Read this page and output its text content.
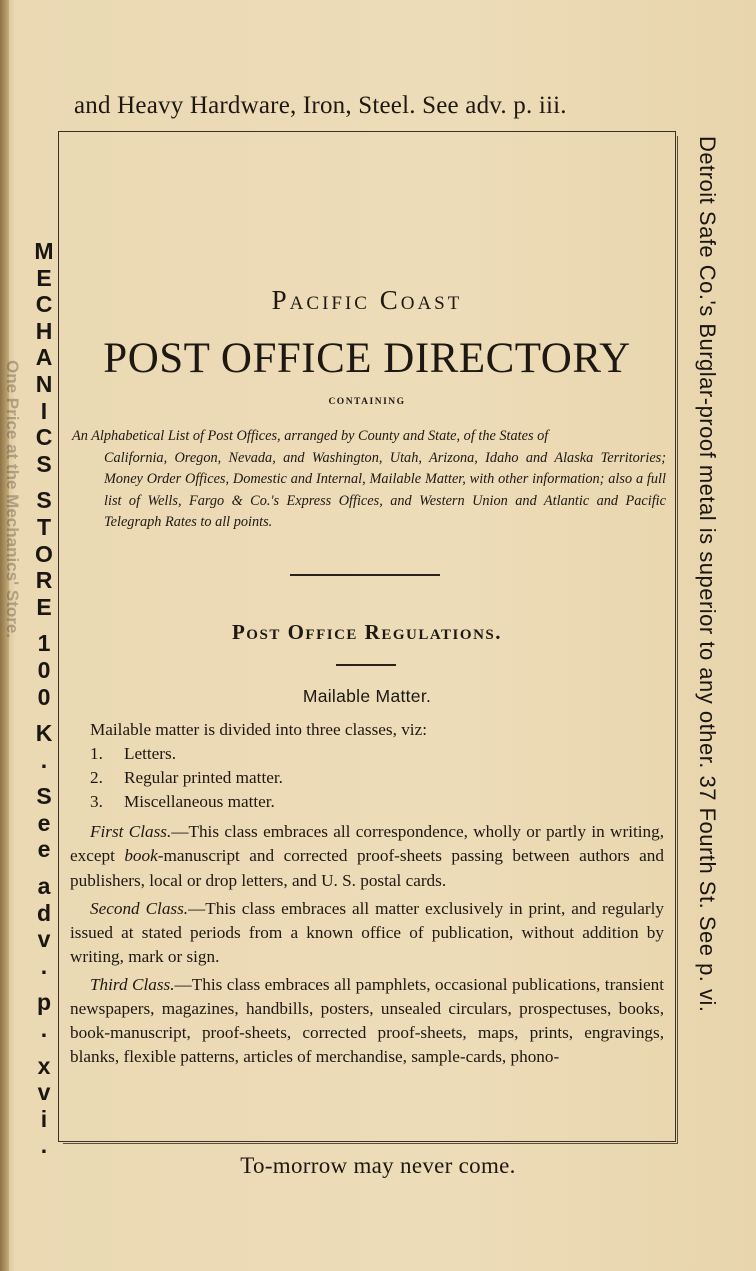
and Heavy Hardware, Iron, Steel. See adv. p. iii.
One Price at the Mechanics' Store.
M
E
C
H
A
N
I
C
S

S
T
O
R
E

1
0
0

K
.

S
e
e

a
d
v
.

p
.

x
v
i
.
Detroit Safe Co.'s Burglar-proof metal is superior to any other. 37 Fourth St. See p. vi.
Pacific Coast
POST OFFICE DIRECTORY
CONTAINING

An Alphabetical List of Post Offices, arranged by County and State, of the States of

California, Oregon, Nevada, and Washington, Utah, Arizona, Idaho and Alaska Territories; Money Order Offices, Domestic and Internal, Mailable Matter, with other information; also a full list of Wells, Fargo & Co.'s Express Offices, and Western Union and Atlantic and Pacific Telegraph Rates to all points.

Post Office Regulations.
Mailable Matter.

Mailable matter is divided into three classes, viz:

1. Letters.
2. Regular printed matter.
3. Miscellaneous matter.

First Class.—This class embraces all correspondence, wholly or partly in writing, except book-manuscript and corrected proof-sheets passing between authors and publishers, local or drop letters, and U. S. postal cards.

Second Class.—This class embraces all matter exclusively in print, and regularly issued at stated periods from a known office of publication, without addition by writing, mark or sign.

Third Class.—This class embraces all pamphlets, occasional publications, transient newspapers, magazines, handbills, posters, unsealed circulars, prospectuses, books, book-manuscript, proof-sheets, corrected proof-sheets, maps, prints, engravings, blanks, flexible patterns, articles of merchandise, sample-cards, phono-

To-morrow may never come.
